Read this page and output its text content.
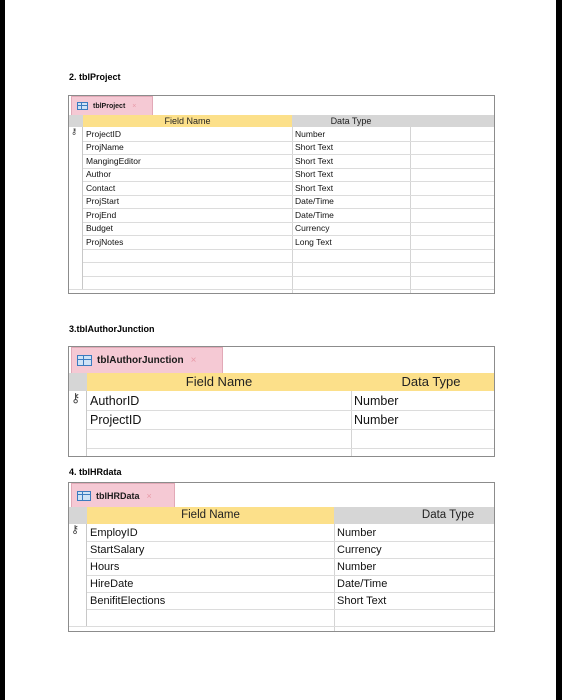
2. tblProject
tblProject ×
Field Name	Data Type
⚷	ProjectID	Number
ProjName	Short Text
MangingEditor	Short Text
Author	Short Text
Contact	Short Text
ProjStart	Date/Time
ProjEnd	Date/Time
Budget	Currency
ProjNotes	Long Text
3.tblAuthorJunction
tblAuthorJunction ×
Field Name	Data Type
⚷ AuthorID	Number
ProjectID	Number
4. tblHRdata
tblHRData ×
Field Name	Data Type
⚷ EmployID	Number
StartSalary	Currency
Hours	Number
HireDate	Date/Time
BenifitElections	Short Text
